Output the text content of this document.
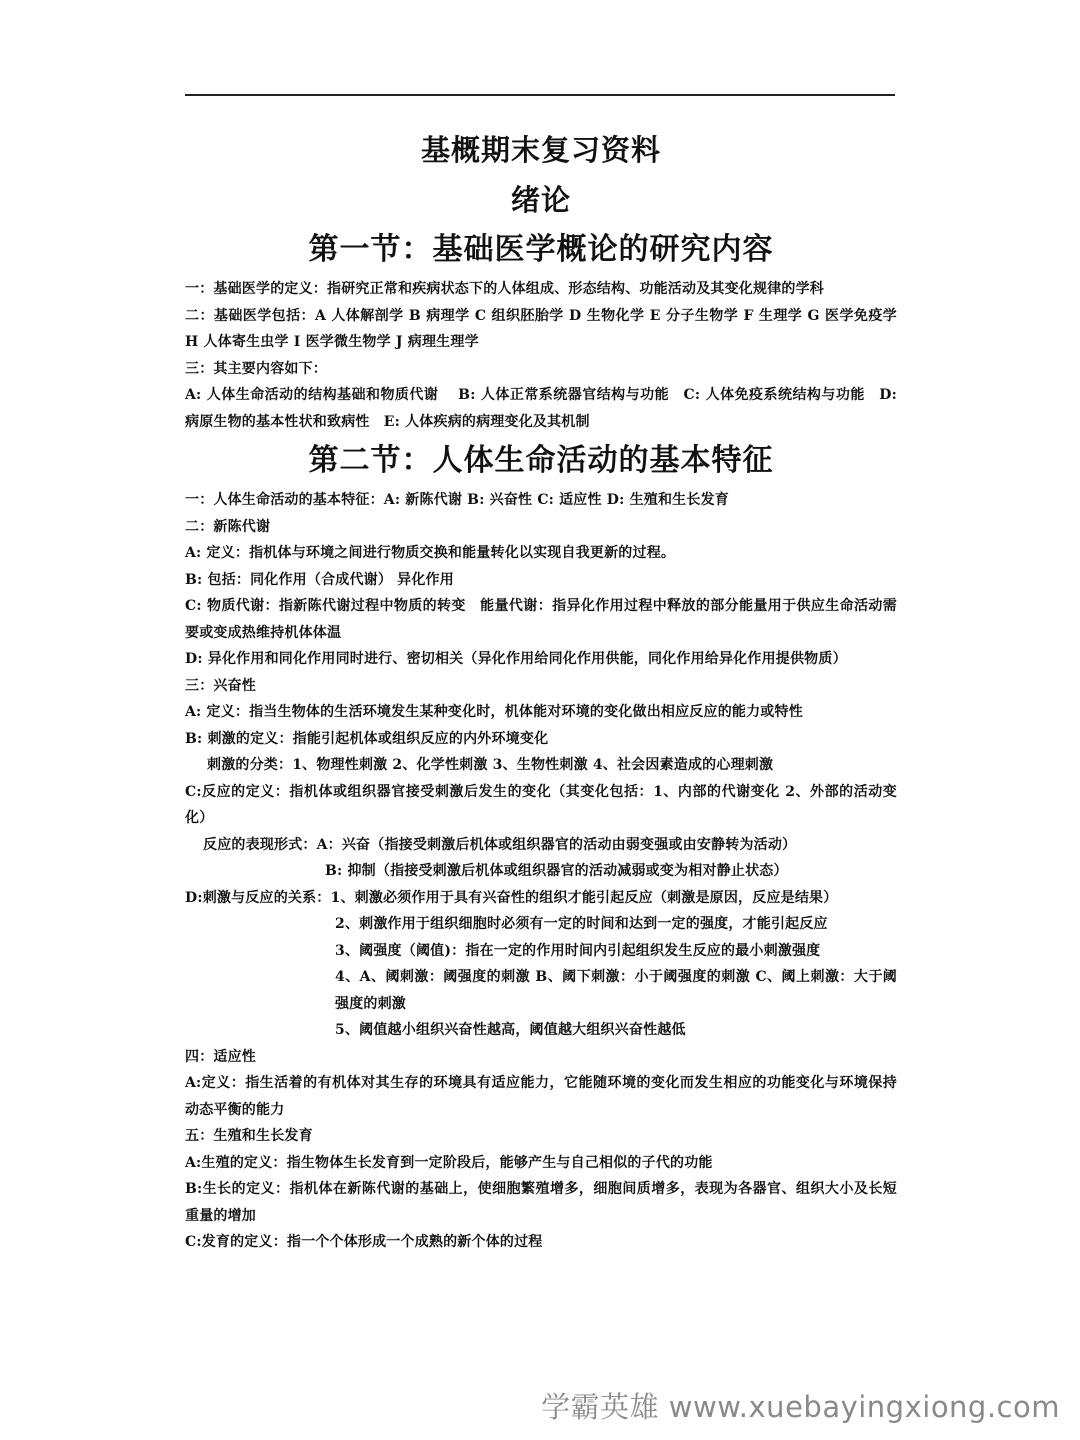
基概期末复习资料
绪论
第一节：基础医学概论的研究内容

一：基础医学的定义：指研究正常和疾病状态下的人体组成、形态结构、功能活动及其变化规律的学科

二：基础医学包括：A 人体解剖学 B 病理学 C 组织胚胎学 D 生物化学 E 分子生物学 F 生理学 G 医学免疫学 H 人体寄生虫学 I 医学微生物学 J 病理生理学

三：其主要内容如下：

A: 人体生命活动的结构基础和物质代谢　 B: 人体正常系统器官结构与功能　C: 人体免疫系统结构与功能　D: 病原生物的基本性状和致病性　E: 人体疾病的病理变化及其机制

第二节：人体生命活动的基本特征

一：人体生命活动的基本特征：A: 新陈代谢 B: 兴奋性 C: 适应性 D: 生殖和生长发育

二：新陈代谢

A: 定义：指机体与环境之间进行物质交换和能量转化以实现自我更新的过程。

B: 包括：同化作用（合成代谢） 异化作用

C: 物质代谢：指新陈代谢过程中物质的转变　能量代谢：指异化作用过程中释放的部分能量用于供应生命活动需要或变成热维持机体体温

D: 异化作用和同化作用同时进行、密切相关（异化作用给同化作用供能，同化作用给异化作用提供物质）

三：兴奋性

A: 定义：指当生物体的生活环境发生某种变化时，机体能对环境的变化做出相应反应的能力或特性

B: 刺激的定义：指能引起机体或组织反应的内外环境变化

刺激的分类：1、物理性刺激 2、化学性刺激 3、生物性刺激 4、社会因素造成的心理刺激

C:反应的定义：指机体或组织器官接受刺激后发生的变化（其变化包括：1、内部的代谢变化 2、外部的活动变化）

反应的表现形式：A：兴奋（指接受刺激后机体或组织器官的活动由弱变强或由安静转为活动）

B: 抑制（指接受刺激后机体或组织器官的活动减弱或变为相对静止状态）

D:刺激与反应的关系：1、刺激必须作用于具有兴奋性的组织才能引起反应（刺激是原因，反应是结果）

2、刺激作用于组织细胞时必须有一定的时间和达到一定的强度，才能引起反应

3、阈强度（阈值)：指在一定的作用时间内引起组织发生反应的最小刺激强度

4、A、阈刺激：阈强度的刺激 B、阈下刺激：小于阈强度的刺激 C、阈上刺激：大于阈强度的刺激

5、阈值越小组织兴奋性越高，阈值越大组织兴奋性越低

四：适应性

A:定义：指生活着的有机体对其生存的环境具有适应能力，它能随环境的变化而发生相应的功能变化与环境保持动态平衡的能力

五：生殖和生长发育

A:生殖的定义：指生物体生长发育到一定阶段后，能够产生与自己相似的子代的功能

B:生长的定义：指机体在新陈代谢的基础上，使细胞繁殖增多，细胞间质增多，表现为各器官、组织大小及长短重量的增加

C:发育的定义：指一个个体形成一个成熟的新个体的过程

学霸英雄 www.xuebayingxiong.com
